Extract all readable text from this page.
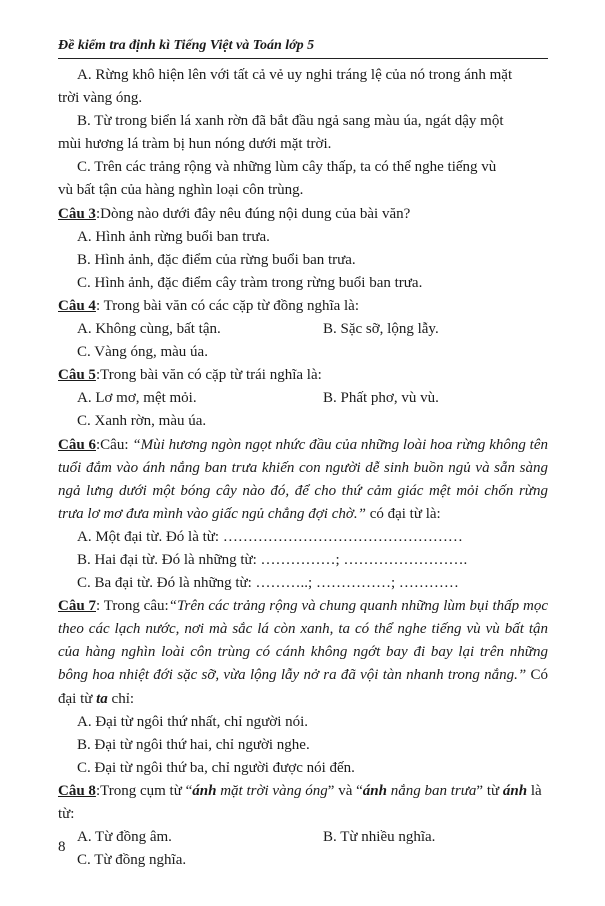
Đề kiểm tra định kì Tiếng Việt và Toán lớp 5

A. Rừng khô hiện lên với tất cả vẻ uy nghi tráng lệ của nó trong ánh mặt

trời vàng óng.

B. Từ trong biển lá xanh rờn đã bắt đầu ngả sang màu úa, ngát dậy một

mùi hương lá tràm bị hun nóng dưới mặt trời.

C. Trên các trảng rộng và những lùm cây thấp, ta có thể nghe tiếng vù

vù bất tận của hàng nghìn loại côn trùng.

Câu 3:Dòng nào dưới đây nêu đúng nội dung của bài văn?

A. Hình ảnh rừng buổi ban trưa.

B. Hình ảnh, đặc điểm của rừng buổi ban trưa.

C. Hình ảnh, đặc điểm cây tràm trong rừng buổi ban trưa.

Câu 4: Trong bài văn có các cặp từ đồng nghĩa là:

A. Không cùng, bất tận.	B. Sặc sỡ, lộng lẫy.

C. Vàng óng, màu úa.

Câu 5:Trong bài văn có cặp từ trái nghĩa là:

A. Lơ mơ, mệt mỏi.	B. Phất phơ, vù vù.

C. Xanh rờn, màu úa.

Câu 6:Câu: “Mùi hương ngòn ngọt nhức đầu của những loài hoa rừng không tên tuổi đắm vào ánh nắng ban trưa khiến con người dễ sinh buồn ngủ và sẵn sàng ngả lưng dưới một bóng cây nào đó, để cho thứ cảm giác mệt mỏi chốn rừng trưa lơ mơ đưa mình vào giấc ngủ chẳng đợi chờ.” có đại từ là:

A. Một đại từ. Đó là từ: …………………………………………

B. Hai đại từ. Đó là những từ: ……………; …………………….

C. Ba đại từ. Đó là những từ: ………..; ……………; …………

Câu 7: Trong câu:“Trên các trảng rộng và chung quanh những lùm bụi thấp mọc theo các lạch nước, nơi mà sắc lá còn xanh, ta có thể nghe tiếng vù vù bất tận của hàng nghìn loài côn trùng có cánh không ngớt bay đi bay lại trên những bông hoa nhiệt đới sặc sỡ, vừa lộng lẫy nở ra đã vội tàn nhanh trong nắng.” Có đại từ ta chỉ:

A. Đại từ ngôi thứ nhất, chỉ người nói.

B. Đại từ ngôi thứ hai, chỉ người nghe.

C. Đại từ ngôi thứ ba, chỉ người được nói đến.

Câu 8:Trong cụm từ “ánh mặt trời vàng óng” và “ánh nắng ban trưa” từ ánh là từ:

A. Từ đồng âm.	B. Từ nhiều nghĩa.

C. Từ đồng nghĩa.

8
